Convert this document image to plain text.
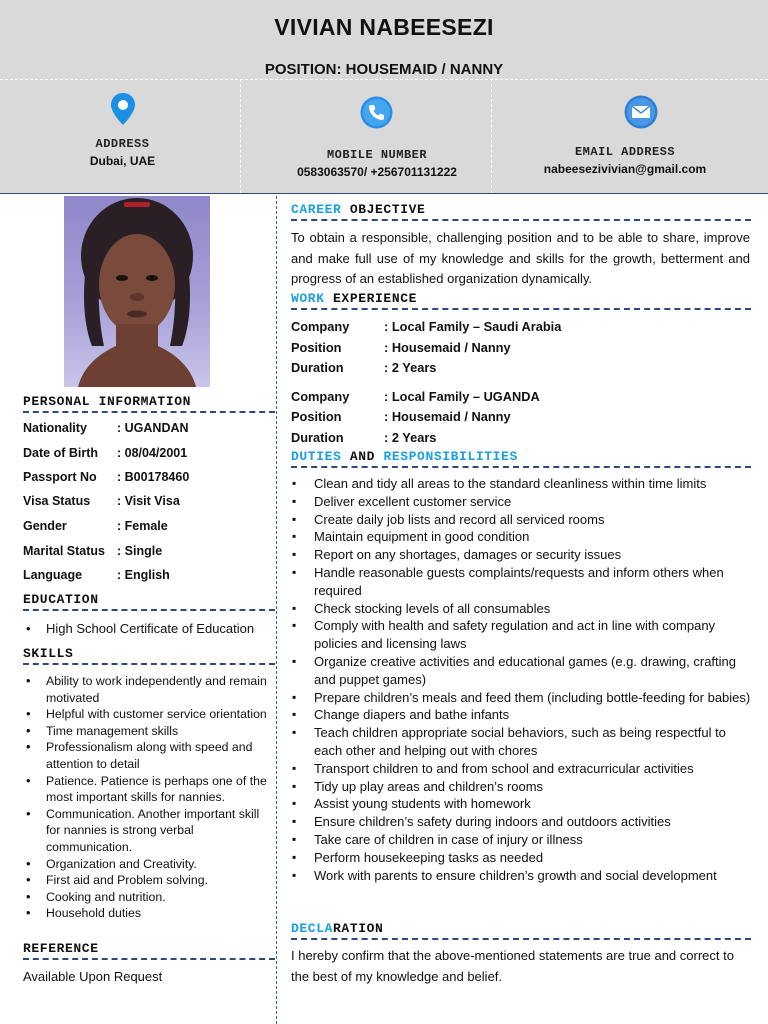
VIVIAN NABEESEZI
POSITION: HOUSEMAID / NANNY
ADDRESS
Dubai, UAE	MOBILE NUMBER
0583063570/ +256701131222
EMAIL ADDRESS
nabeesezivivian@gmail.com
PERSONAL INFORMATION
Nationality : UGANDAN
Date of Birth : 08/04/2001
Passport No : B00178460
Visa Status : Visit Visa
Gender	: Female
Marital Status : Single
Language	: English
EDUCATION
• High School Certificate of Education
SKILLS
• Ability to work independently and remain motivated
• Helpful with customer service orientation
• Time management skills
• Professionalism along with speed and attention to detail
• Patience. Patience is perhaps one of the most important skills for nannies.
• Communication. Another important skill for nannies is strong verbal communication.
• Organization and Creativity.
• First aid and Problem solving.
• Cooking and nutrition.
• Household duties
REFERENCE
Available Upon Request
CAREER OBJECTIVE
To obtain a responsible, challenging position and to be able to share, improve and make full use of my knowledge and skills for the growth, betterment and progress of an established organization dynamically.
WORK EXPERIENCE
Company	: Local Family – Saudi Arabia
Position	: Housemaid / Nanny
Duration	: 2 Years
Company	: Local Family – UGANDA
Position	: Housemaid / Nanny
Duration	: 2 Years
DUTIES AND RESPONSIBILITIES
▪ Clean and tidy all areas to the standard cleanliness within time limits
▪ Deliver excellent customer service
▪ Create daily job lists and record all serviced rooms
▪ Maintain equipment in good condition
▪ Report on any shortages, damages or security issues
▪ Handle reasonable guests complaints/requests and inform others when required
▪ Check stocking levels of all consumables
▪ Comply with health and safety regulation and act in line with company policies and licensing laws
▪ Organize creative activities and educational games (e.g. drawing, crafting and puppet games)
▪ Prepare children’s meals and feed them (including bottle-feeding for babies)
▪ Change diapers and bathe infants
▪ Teach children appropriate social behaviors, such as being respectful to each other and helping out with chores
▪ Transport children to and from school and extracurricular activities
▪ Tidy up play areas and children’s rooms
▪ Assist young students with homework
▪ Ensure children’s safety during indoors and outdoors activities
▪ Take care of children in case of injury or illness
▪ Perform housekeeping tasks as needed
▪ Work with parents to ensure children’s growth and social development
DECLARATION
I hereby confirm that the above-mentioned statements are true and correct to the best of my knowledge and belief.
